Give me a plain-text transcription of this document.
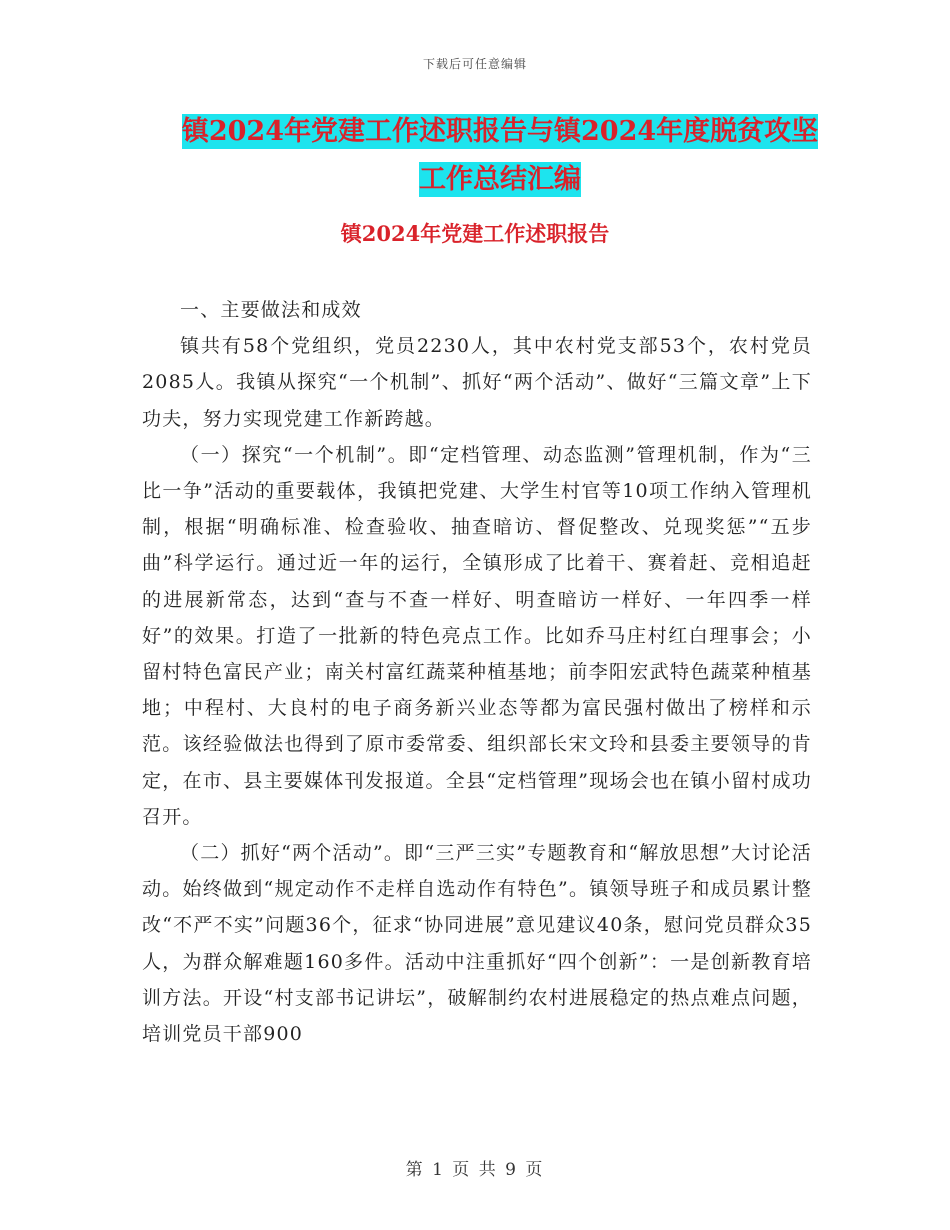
下载后可任意编辑
镇2024年党建工作述职报告与镇2024年度脱贫攻坚
工作总结汇编
镇2024年党建工作述职报告

一、主要做法和成效

镇共有58个党组织，党员2230人，其中农村党支部53个，农村党员2085人。我镇从探究“一个机制”、抓好“两个活动”、做好“三篇文章”上下功夫，努力实现党建工作新跨越。

（一）探究“一个机制”。即“定档管理、动态监测”管理机制，作为“三比一争”活动的重要载体，我镇把党建、大学生村官等10项工作纳入管理机制，根据“明确标准、检查验收、抽查暗访、督促整改、兑现奖惩”“五步曲”科学运行。通过近一年的运行，全镇形成了比着干、赛着赶、竞相追赶的进展新常态，达到“查与不查一样好、明查暗访一样好、一年四季一样好”的效果。打造了一批新的特色亮点工作。比如乔马庄村红白理事会；小留村特色富民产业；南关村富红蔬菜种植基地；前李阳宏武特色蔬菜种植基地；中程村、大良村的电子商务新兴业态等都为富民强村做出了榜样和示范。该经验做法也得到了原市委常委、组织部长宋文玲和县委主要领导的肯定，在市、县主要媒体刊发报道。全县“定档管理”现场会也在镇小留村成功召开。

（二）抓好“两个活动”。即“三严三实”专题教育和“解放思想”大讨论活动。始终做到“规定动作不走样自选动作有特色”。镇领导班子和成员累计整改“不严不实”问题36个，征求“协同进展”意见建议40条，慰问党员群众35人，为群众解难题160多件。活动中注重抓好“四个创新”：一是创新教育培训方法。开设“村支部书记讲坛”，破解制约农村进展稳定的热点难点问题，培训党员干部900

第 1 页 共 9 页
